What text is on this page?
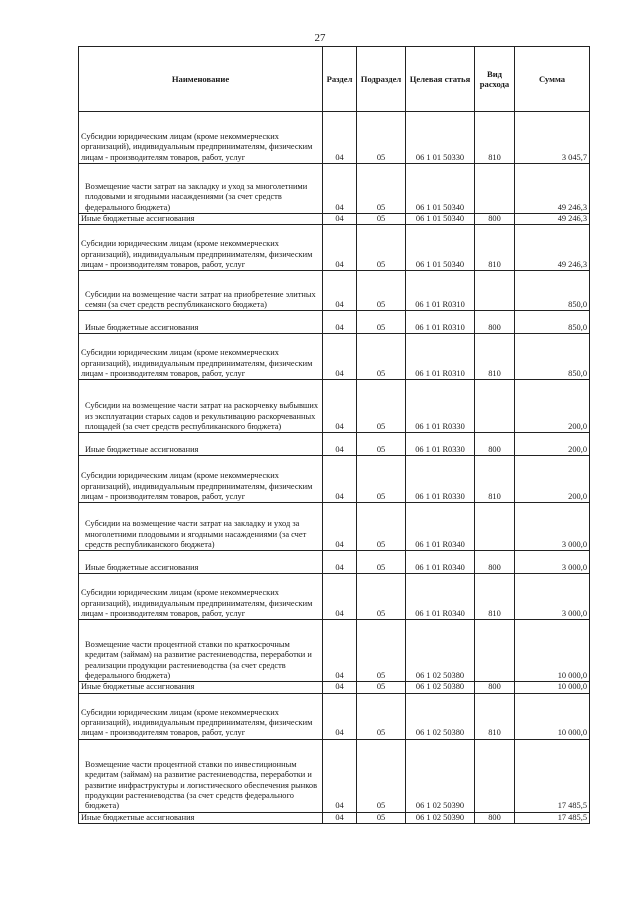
27
Наименование	Раздел	Подраздел	Целевая статья	Вид расхода	Сумма
Субсидии юридическим лицам (кроме некоммерческих организаций), индивидуальным предпринимателям, физическим лицам - производителям товаров, работ, услуг	04	05	06 1 01 50330	810	3 045,7
Возмещение части затрат на закладку и уход за многолетними плодовыми и ягодными насаждениями (за счет средств федерального бюджета)	04	05	06 1 01 50340		49 246,3
Иные бюджетные ассигнования	04	05	06 1 01 50340	800	49 246,3
Субсидии юридическим лицам (кроме некоммерческих организаций), индивидуальным предпринимателям, физическим лицам - производителям товаров, работ, услуг	04	05	06 1 01 50340	810	49 246,3
Субсидии на возмещение части затрат на приобретение элитных семян (за счет средств республиканского бюджета)	04	05	06 1 01 R0310		850,0
Иные бюджетные ассигнования	04	05	06 1 01 R0310	800	850,0
Субсидии юридическим лицам (кроме некоммерческих организаций), индивидуальным предпринимателям, физическим лицам - производителям товаров, работ, услуг	04	05	06 1 01 R0310	810	850,0
Субсидии на возмещение части затрат на раскорчевку выбывших из эксплуатации старых садов и рекультивацию раскорчеванных площадей (за счет средств республиканского бюджета)	04	05	06 1 01 R0330		200,0
Иные бюджетные ассигнования	04	05	06 1 01 R0330	800	200,0
Субсидии юридическим лицам (кроме некоммерческих организаций), индивидуальным предпринимателям, физическим лицам - производителям товаров, работ, услуг	04	05	06 1 01 R0330	810	200,0
Субсидии на возмещение части затрат на закладку и уход за многолетними плодовыми и ягодными насаждениями (за счет средств республиканского бюджета)	04	05	06 1 01 R0340		3 000,0
Иные бюджетные ассигнования	04	05	06 1 01 R0340	800	3 000,0
Субсидии юридическим лицам (кроме некоммерческих организаций), индивидуальным предпринимателям, физическим лицам - производителям товаров, работ, услуг	04	05	06 1 01 R0340	810	3 000,0
Возмещение части процентной ставки по краткосрочным кредитам (займам) на развитие растениеводства, переработки и реализации продукции растениеводства (за счет средств федерального бюджета)	04	05	06 1 02 50380		10 000,0
Иные бюджетные ассигнования	04	05	06 1 02 50380	800	10 000,0
Субсидии юридическим лицам (кроме некоммерческих организаций), индивидуальным предпринимателям, физическим лицам - производителям товаров, работ, услуг	04	05	06 1 02 50380	810	10 000,0
Возмещение части процентной ставки по инвестиционным кредитам (займам) на развитие растениеводства, переработки и развитие инфраструктуры и логистического обеспечения рынков продукции растениеводства (за счет средств федерального бюджета)	04	05	06 1 02 50390		17 485,5
Иные бюджетные ассигнования	04	05	06 1 02 50390	800	17 485,5
